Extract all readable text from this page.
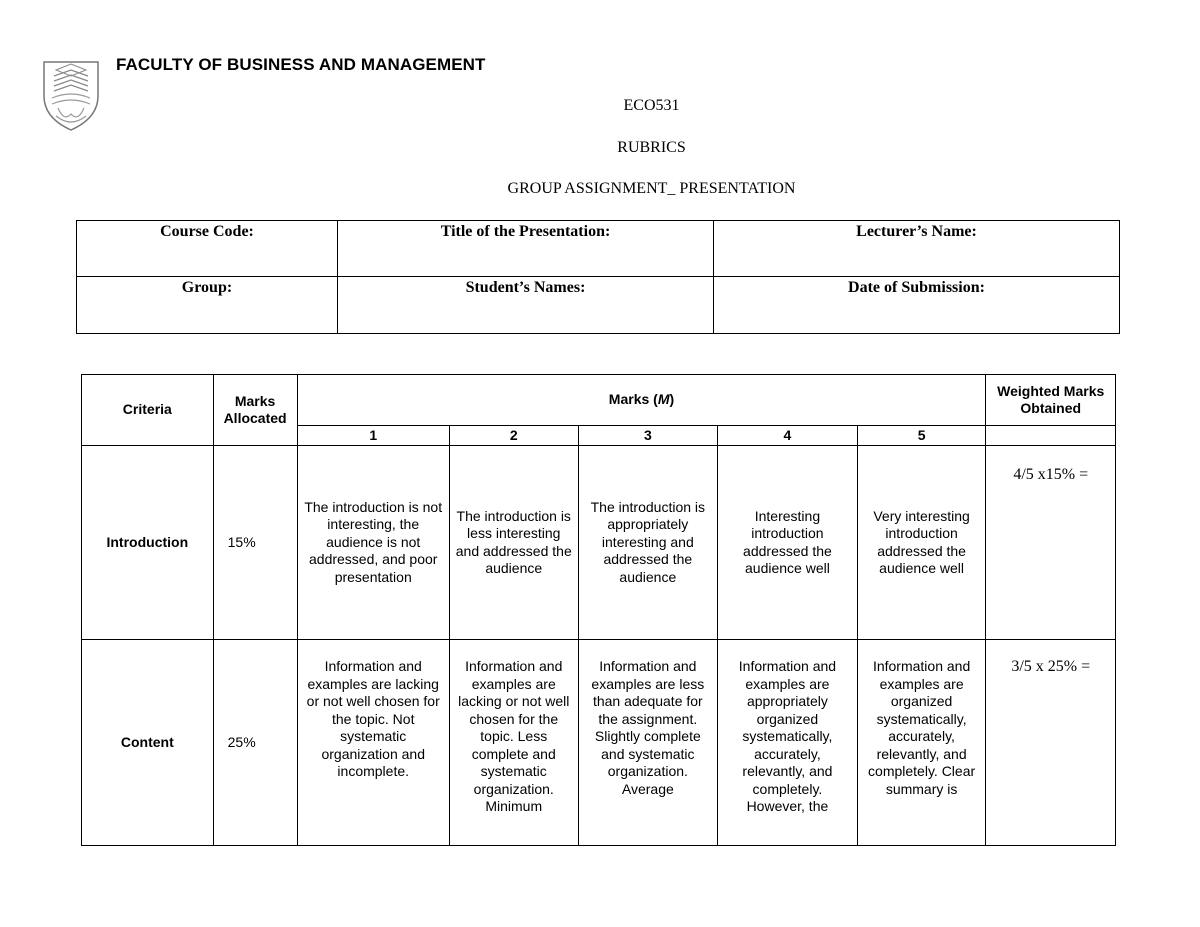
FACULTY OF BUSINESS AND MANAGEMENT
ECO531
RUBRICS
GROUP ASSIGNMENT_ PRESENTATION
Course Code:	Title of the Presentation:	Lecturer’s Name:
Group:	Student’s Names:	Date of Submission:
Criteria	Marks Allocated	Marks (M)					Weighted Marks Obtained
		1	2	3	4	5	
Introduction	15%	The introduction is not interesting, the audience is not addressed, and poor presentation	The introduction is less interesting and addressed the audience	The introduction is appropriately interesting and addressed the audience	Interesting introduction addressed the audience well	Very interesting introduction addressed the audience well	4/5 x15% =
Content	25%	Information and examples are lacking or not well chosen for the topic. Not systematic organization and incomplete.	Information and examples are lacking or not well chosen for the topic. Less complete and systematic organization. Minimum	Information and examples are less than adequate for the assignment. Slightly complete and systematic organization. Average	Information and examples are appropriately organized systematically, accurately, relevantly, and completely. However, the	Information and examples are organized systematically, accurately, relevantly, and completely. Clear summary is	3/5 x 25% =
